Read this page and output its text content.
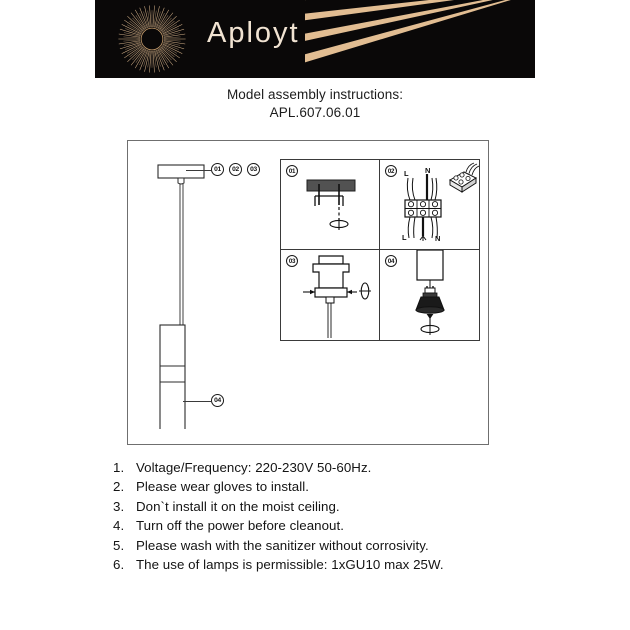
Aployt
Model assembly instructions:
APL.607.06.01
01	02	03
04
01	02	L N
L	N
03	04
1. Voltage/Frequency: 220-230V 50-60Hz.
2. Please wear gloves to install.
3. Don`t install it on the moist ceiling.
4. Turn off the power before cleanout.
5. Please wash with the sanitizer without corrosivity.
6. The use of lamps is permissible: 1xGU10 max 25W.
